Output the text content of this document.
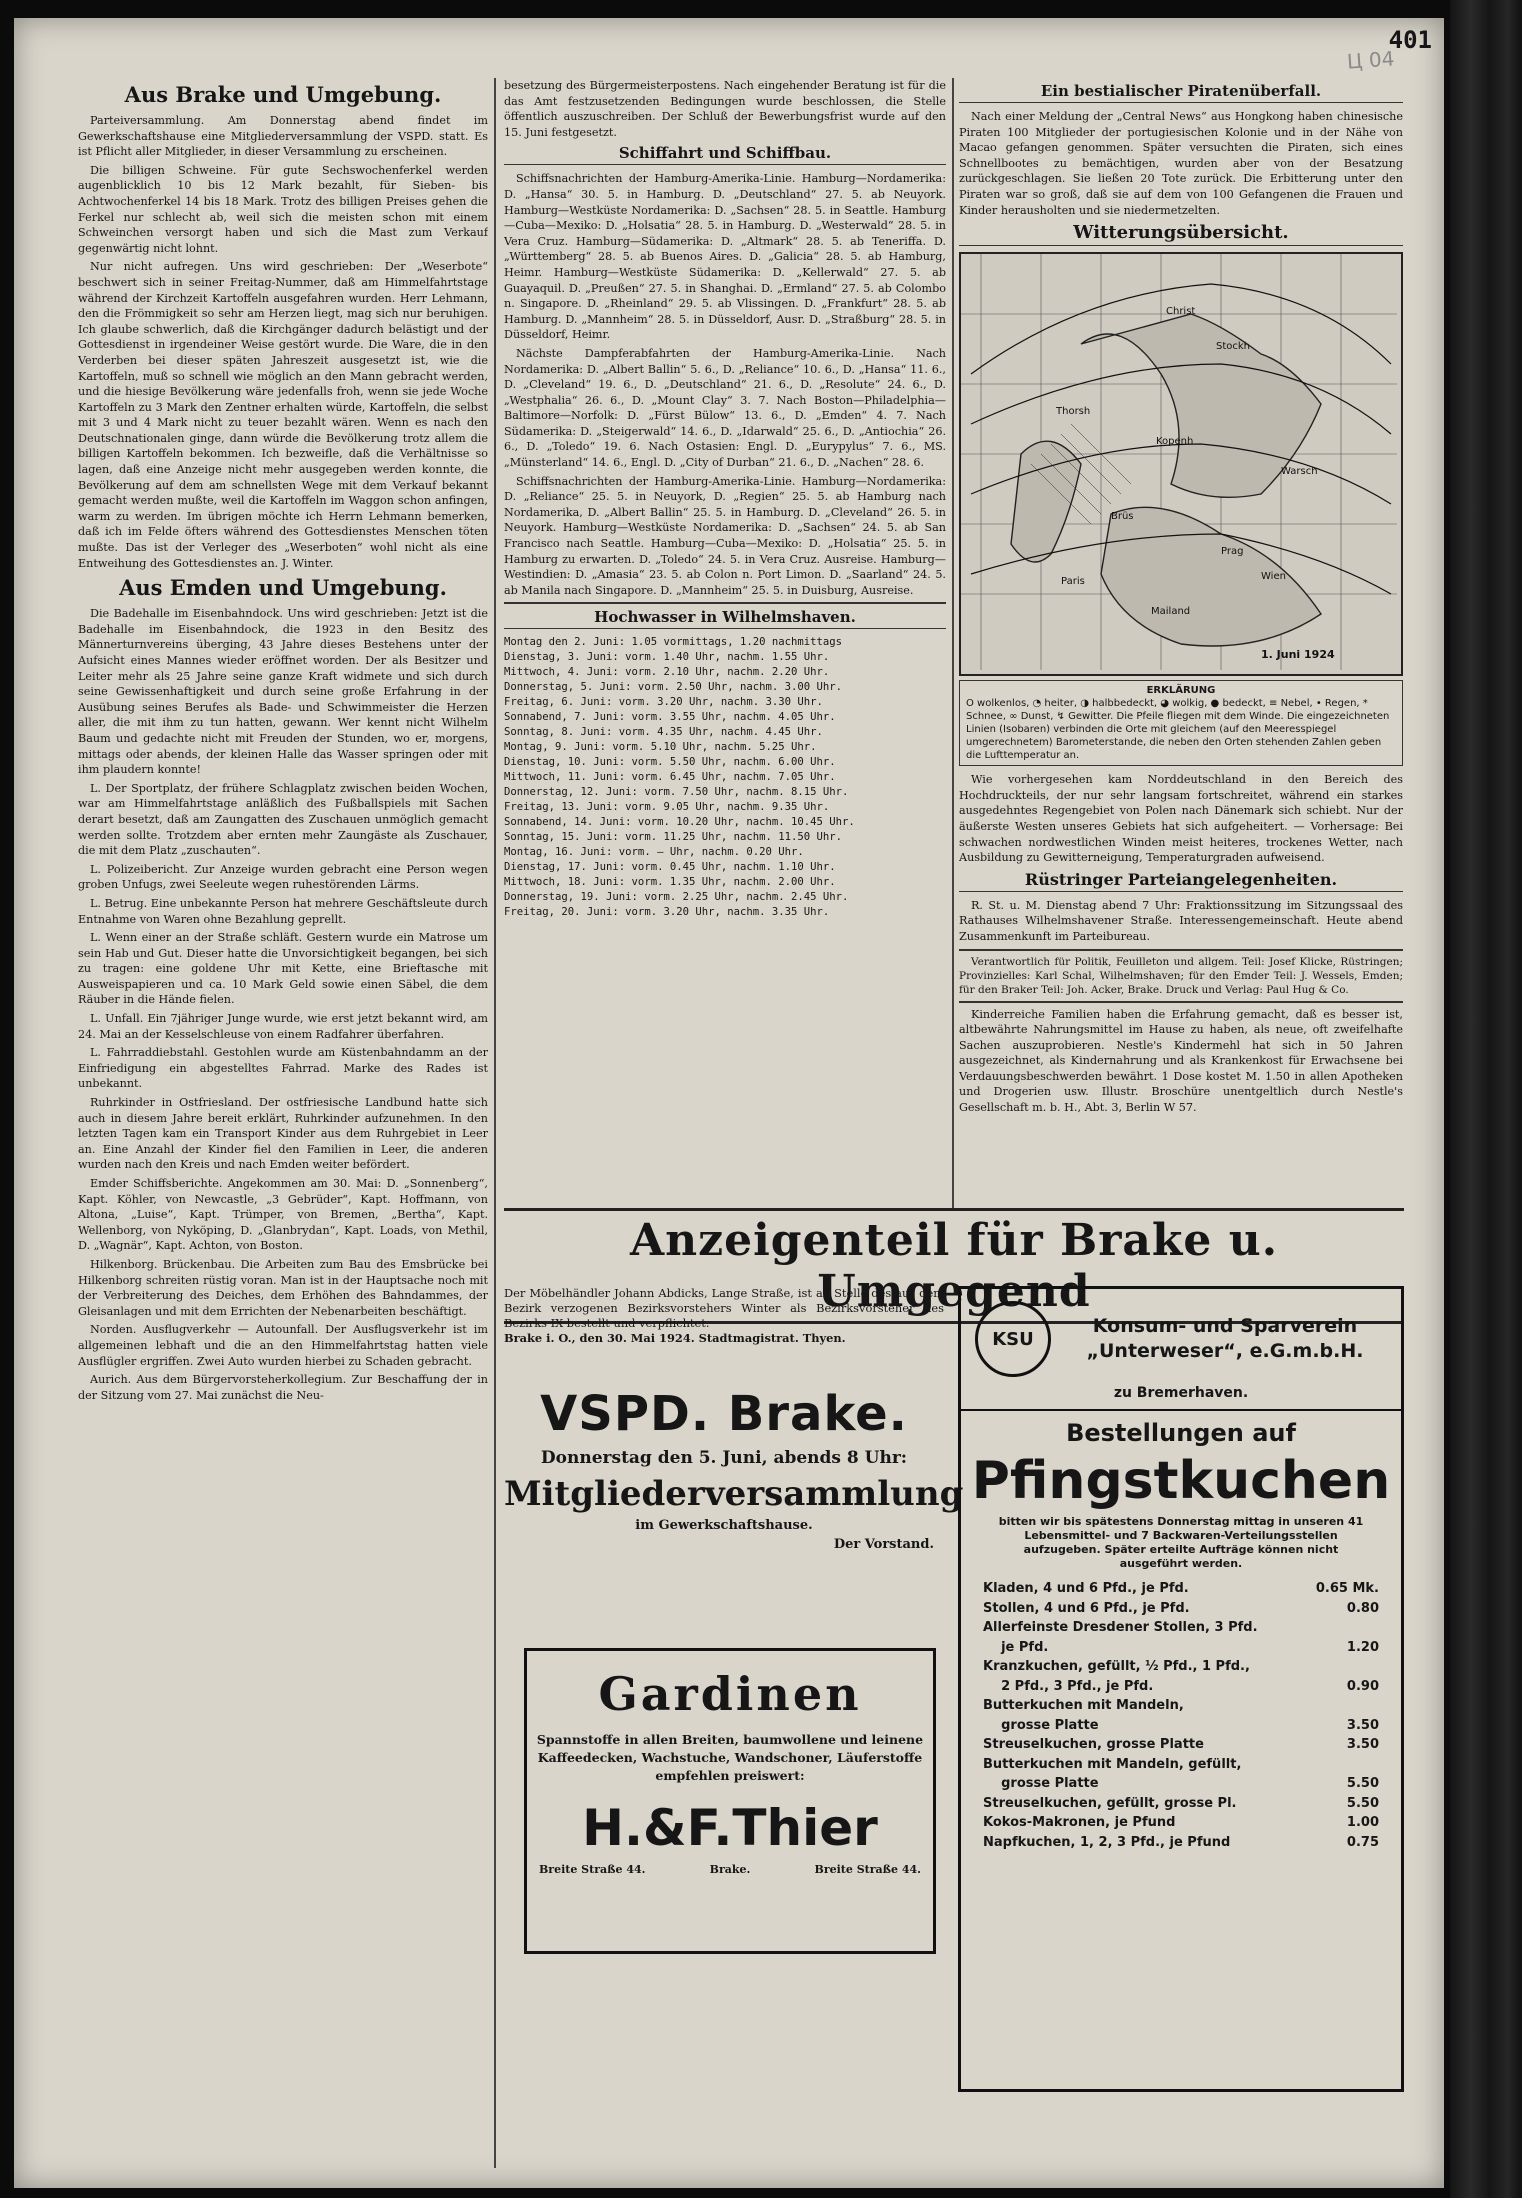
401
Ц 04
Aus Brake und Umgebung.

Parteiversammlung. Am Donnerstag abend findet im Gewerkschaftshause eine Mitgliederversammlung der VSPD. statt. Es ist Pflicht aller Mitglieder, in dieser Versammlung zu erscheinen.

Die billigen Schweine. Für gute Sechswochenferkel werden augenblicklich 10 bis 12 Mark bezahlt, für Sieben- bis Achtwochenferkel 14 bis 18 Mark. Trotz des billigen Preises gehen die Ferkel nur schlecht ab, weil sich die meisten schon mit einem Schweinchen versorgt haben und sich die Mast zum Verkauf gegenwärtig nicht lohnt.

Nur nicht aufregen. Uns wird geschrieben: Der „Weserbote“ beschwert sich in seiner Freitag-Nummer, daß am Himmelfahrtstage während der Kirchzeit Kartoffeln ausgefahren wurden. Herr Lehmann, den die Frömmigkeit so sehr am Herzen liegt, mag sich nur beruhigen. Ich glaube schwerlich, daß die Kirchgänger dadurch belästigt und der Gottesdienst in irgendeiner Weise gestört wurde. Die Ware, die in den Verderben bei dieser späten Jahreszeit ausgesetzt ist, wie die Kartoffeln, muß so schnell wie möglich an den Mann gebracht werden, und die hiesige Bevölkerung wäre jedenfalls froh, wenn sie jede Woche Kartoffeln zu 3 Mark den Zentner erhalten würde, Kartoffeln, die selbst mit 3 und 4 Mark nicht zu teuer bezahlt wären. Wenn es nach den Deutschnationalen ginge, dann würde die Bevölkerung trotz allem die billigen Kartoffeln bekommen. Ich bezweifle, daß die Verhältnisse so lagen, daß eine Anzeige nicht mehr ausgegeben werden konnte, die Bevölkerung auf dem am schnellsten Wege mit dem Verkauf bekannt gemacht werden mußte, weil die Kartoffeln im Waggon schon anfingen, warm zu werden. Im übrigen möchte ich Herrn Lehmann bemerken, daß ich im Felde öfters während des Gottesdienstes Menschen töten mußte. Das ist der Verleger des „Weserboten“ wohl nicht als eine Entweihung des Gottesdienstes an. J. Winter.

Aus Emden und Umgebung.

Die Badehalle im Eisenbahndock. Uns wird geschrieben: Jetzt ist die Badehalle im Eisenbahndock, die 1923 in den Besitz des Männerturnvereins überging, 43 Jahre dieses Bestehens unter der Aufsicht eines Mannes wieder eröffnet worden. Der als Besitzer und Leiter mehr als 25 Jahre seine ganze Kraft widmete und sich durch seine Gewissenhaftigkeit und durch seine große Erfahrung in der Ausübung seines Berufes als Bade- und Schwimmeister die Herzen aller, die mit ihm zu tun hatten, gewann. Wer kennt nicht Wilhelm Baum und gedachte nicht mit Freuden der Stunden, wo er, morgens, mittags oder abends, der kleinen Halle das Wasser springen oder mit ihm plaudern konnte!

L. Der Sportplatz, der frühere Schlagplatz zwischen beiden Wochen, war am Himmelfahrtstage anläßlich des Fußballspiels mit Sachen derart besetzt, daß am Zaungatten des Zuschauen unmöglich gemacht werden sollte. Trotzdem aber ernten mehr Zaungäste als Zuschauer, die mit dem Platz „zuschauten“.

L. Polizeibericht. Zur Anzeige wurden gebracht eine Person wegen groben Unfugs, zwei Seeleute wegen ruhestörenden Lärms.

L. Betrug. Eine unbekannte Person hat mehrere Geschäftsleute durch Entnahme von Waren ohne Bezahlung geprellt.

L. Wenn einer an der Straße schläft. Gestern wurde ein Matrose um sein Hab und Gut. Dieser hatte die Unvorsichtigkeit begangen, bei sich zu tragen: eine goldene Uhr mit Kette, eine Brieftasche mit Ausweispapieren und ca. 10 Mark Geld sowie einen Säbel, die dem Räuber in die Hände fielen.

L. Unfall. Ein 7jähriger Junge wurde, wie erst jetzt bekannt wird, am 24. Mai an der Kesselschleuse von einem Radfahrer überfahren.

L. Fahrraddiebstahl. Gestohlen wurde am Küstenbahndamm an der Einfriedigung ein abgestelltes Fahrrad. Marke des Rades ist unbekannt.

Ruhrkinder in Ostfriesland. Der ostfriesische Landbund hatte sich auch in diesem Jahre bereit erklärt, Ruhrkinder aufzunehmen. In den letzten Tagen kam ein Transport Kinder aus dem Ruhrgebiet in Leer an. Eine Anzahl der Kinder fiel den Familien in Leer, die anderen wurden nach den Kreis und nach Emden weiter befördert.

Emder Schiffsberichte. Angekommen am 30. Mai: D. „Sonnenberg“, Kapt. Köhler, von Newcastle, „3 Gebrüder“, Kapt. Hoffmann, von Altona, „Luise“, Kapt. Trümper, von Bremen, „Bertha“, Kapt. Wellenborg, von Nyköping, D. „Glanbrydan“, Kapt. Loads, von Methil, D. „Wagnär“, Kapt. Achton, von Boston.

Hilkenborg. Brückenbau. Die Arbeiten zum Bau des Emsbrücke bei Hilkenborg schreiten rüstig voran. Man ist in der Hauptsache noch mit der Verbreiterung des Deiches, dem Erhöhen des Bahndammes, der Gleisanlagen und mit dem Errichten der Nebenarbeiten beschäftigt.

Norden. Ausflugverkehr — Autounfall. Der Ausflugsverkehr ist im allgemeinen lebhaft und die an den Himmelfahrtstag hatten viele Ausflügler ergriffen. Zwei Auto wurden hierbei zu Schaden gebracht.

Aurich. Aus dem Bürgervorsteherkollegium. Zur Beschaffung der in der Sitzung vom 27. Mai zunächst die Neu-

besetzung des Bürgermeisterpostens. Nach eingehender Beratung ist für die das Amt festzusetzenden Bedingungen wurde beschlossen, die Stelle öffentlich auszuschreiben. Der Schluß der Bewerbungsfrist wurde auf den 15. Juni festgesetzt.

Schiffahrt und Schiffbau.

Schiffsnachrichten der Hamburg-Amerika-Linie. Hamburg—Nordamerika: D. „Hansa“ 30. 5. in Hamburg. D. „Deutschland“ 27. 5. ab Neuyork. Hamburg—Westküste Nordamerika: D. „Sachsen“ 28. 5. in Seattle. Hamburg—Cuba—Mexiko: D. „Holsatia“ 28. 5. in Hamburg. D. „Westerwald“ 28. 5. in Vera Cruz. Hamburg—Südamerika: D. „Altmark“ 28. 5. ab Teneriffa. D. „Württemberg“ 28. 5. ab Buenos Aires. D. „Galicia“ 28. 5. ab Hamburg, Heimr. Hamburg—Westküste Südamerika: D. „Kellerwald“ 27. 5. ab Guayaquil. D. „Preußen“ 27. 5. in Shanghai. D. „Ermland“ 27. 5. ab Colombo n. Singapore. D. „Rheinland“ 29. 5. ab Vlissingen. D. „Frankfurt“ 28. 5. ab Hamburg. D. „Mannheim“ 28. 5. in Düsseldorf, Ausr. D. „Straßburg“ 28. 5. in Düsseldorf, Heimr.

Nächste Dampferabfahrten der Hamburg-Amerika-Linie. Nach Nordamerika: D. „Albert Ballin“ 5. 6., D. „Reliance“ 10. 6., D. „Hansa“ 11. 6., D. „Cleveland“ 19. 6., D. „Deutschland“ 21. 6., D. „Resolute“ 24. 6., D. „Westphalia“ 26. 6., D. „Mount Clay“ 3. 7. Nach Boston—Philadelphia—Baltimore—Norfolk: D. „Fürst Bülow“ 13. 6., D. „Emden“ 4. 7. Nach Südamerika: D. „Steigerwald“ 14. 6., D. „Idarwald“ 25. 6., D. „Antiochia“ 26. 6., D. „Toledo“ 19. 6. Nach Ostasien: Engl. D. „Eurypylus“ 7. 6., MS. „Münsterland“ 14. 6., Engl. D. „City of Durban“ 21. 6., D. „Nachen“ 28. 6.

Schiffsnachrichten der Hamburg-Amerika-Linie. Hamburg—Nordamerika: D. „Reliance“ 25. 5. in Neuyork, D. „Regien“ 25. 5. ab Hamburg nach Nordamerika, D. „Albert Ballin“ 25. 5. in Hamburg. D. „Cleveland“ 26. 5. in Neuyork. Hamburg—Westküste Nordamerika: D. „Sachsen“ 24. 5. ab San Francisco nach Seattle. Hamburg—Cuba—Mexiko: D. „Holsatia“ 25. 5. in Hamburg zu erwarten. D. „Toledo“ 24. 5. in Vera Cruz. Ausreise. Hamburg—Westindien: D. „Amasia“ 23. 5. ab Colon n. Port Limon. D. „Saarland“ 24. 5. ab Manila nach Singapore. D. „Mannheim“ 25. 5. in Duisburg, Ausreise.

Hochwasser in Wilhelmshaven.

Montag den 2. Juni: 1.05 vormittags, 1.20 nachmittags

Dienstag, 3. Juni: vorm. 1.40 Uhr, nachm. 1.55 Uhr.

Mittwoch, 4. Juni: vorm. 2.10 Uhr, nachm. 2.20 Uhr.

Donnerstag, 5. Juni: vorm. 2.50 Uhr, nachm. 3.00 Uhr.

Freitag, 6. Juni: vorm. 3.20 Uhr, nachm. 3.30 Uhr.

Sonnabend, 7. Juni: vorm. 3.55 Uhr, nachm. 4.05 Uhr.

Sonntag, 8. Juni: vorm. 4.35 Uhr, nachm. 4.45 Uhr.

Montag, 9. Juni: vorm. 5.10 Uhr, nachm. 5.25 Uhr.

Dienstag, 10. Juni: vorm. 5.50 Uhr, nachm. 6.00 Uhr.

Mittwoch, 11. Juni: vorm. 6.45 Uhr, nachm. 7.05 Uhr.

Donnerstag, 12. Juni: vorm. 7.50 Uhr, nachm. 8.15 Uhr.

Freitag, 13. Juni: vorm. 9.05 Uhr, nachm. 9.35 Uhr.

Sonnabend, 14. Juni: vorm. 10.20 Uhr, nachm. 10.45 Uhr.

Sonntag, 15. Juni: vorm. 11.25 Uhr, nachm. 11.50 Uhr.

Montag, 16. Juni: vorm. — Uhr, nachm. 0.20 Uhr.

Dienstag, 17. Juni: vorm. 0.45 Uhr, nachm. 1.10 Uhr.

Mittwoch, 18. Juni: vorm. 1.35 Uhr, nachm. 2.00 Uhr.

Donnerstag, 19. Juni: vorm. 2.25 Uhr, nachm. 2.45 Uhr.

Freitag, 20. Juni: vorm. 3.20 Uhr, nachm. 3.35 Uhr.

Ein bestialischer Piratenüberfall.

Nach einer Meldung der „Central News“ aus Hongkong haben chinesische Piraten 100 Mitglieder der portugiesischen Kolonie und in der Nähe von Macao gefangen genommen. Später versuchten die Piraten, sich eines Schnellbootes zu bemächtigen, wurden aber von der Besatzung zurückgeschlagen. Sie ließen 20 Tote zurück. Die Erbitterung unter den Piraten war so groß, daß sie auf dem von 100 Gefangenen die Frauen und Kinder herausholten und sie niedermetzelten.

Witterungsübersicht.
Thorsh
Kopenh
Stockh
Christ
Prag
Wien
Paris
Brüs
Mailand
Warsch
1. Juni 1924
ERKLÄRUNG
O wolkenlos, ◔ heiter, ◑ halbbedeckt, ◕ wolkig, ● bedeckt, ≡ Nebel, • Regen, * Schnee, ∞ Dunst, ↯ Gewitter. Die Pfeile fliegen mit dem Winde. Die eingezeichneten Linien (Isobaren) verbinden die Orte mit gleichem (auf den Meeresspiegel umgerechnetem) Barometerstande, die neben den Orten stehenden Zahlen geben die Lufttemperatur an.

Wie vorhergesehen kam Norddeutschland in den Bereich des Hochdruckteils, der nur sehr langsam fortschreitet, während ein starkes ausgedehntes Regengebiet von Polen nach Dänemark sich schiebt. Nur der äußerste Westen unseres Gebiets hat sich aufgeheitert. — Vorhersage: Bei schwachen nordwestlichen Winden meist heiteres, trockenes Wetter, nach Ausbildung zu Gewitterneigung, Temperaturgraden aufweisend.

Rüstringer Parteiangelegenheiten.

R. St. u. M. Dienstag abend 7 Uhr: Fraktionssitzung im Sitzungssaal des Rathauses Wilhelmshavener Straße. Interessengemeinschaft. Heute abend Zusammenkunft im Parteibureau.

Verantwortlich für Politik, Feuilleton und allgem. Teil: Josef Klicke, Rüstringen; Provinzielles: Karl Schal, Wilhelmshaven; für den Emder Teil: J. Wessels, Emden; für den Braker Teil: Joh. Acker, Brake. Druck und Verlag: Paul Hug & Co.

Kinderreiche Familien haben die Erfahrung gemacht, daß es besser ist, altbewährte Nahrungsmittel im Hause zu haben, als neue, oft zweifelhafte Sachen auszuprobieren. Nestle's Kindermehl hat sich in 50 Jahren ausgezeichnet, als Kindernahrung und als Krankenkost für Erwachsene bei Verdauungsbeschwerden bewährt. 1 Dose kostet M. 1.50 in allen Apotheken und Drogerien usw. Illustr. Broschüre unentgeltlich durch Nestle's Gesellschaft m. b. H., Abt. 3, Berlin W 57.

Anzeigenteil für Brake u. Umgegend

Der Möbelhändler Johann Abdicks, Lange Straße, ist an Stelle des aus dem Bezirk verzogenen Bezirksvorstehers Winter als Bezirksvorsteher des Bezirks IX bestellt und verpflichtet.

Brake i. O., den 30. Mai 1924. Stadtmagistrat. Thyen.

VSPD. Brake.

Donnerstag den 5. Juni, abends 8 Uhr:

Mitgliederversammlung

im Gewerkschaftshause.

Der Vorstand.

Gardinen

Spannstoffe in allen Breiten, baumwollene und leinene Kaffeedecken, Wachstuche, Wandschoner, Läuferstoffe empfehlen preiswert:

H.&F.Thier

Breite Straße 44.	Brake.	Breite Straße 44.
KSU
Konsum- und Sparverein „Unterweser“, e.G.m.b.H.

zu Bremerhaven.

Bestellungen auf

Pfingstkuchen

bitten wir bis spätestens Donnerstag mittag in unseren 41 Lebensmittel- und 7 Backwaren-Verteilungsstellen aufzugeben. Später erteilte Aufträge können nicht ausgeführt werden.

Kladen, 4 und 6 Pfd., je Pfd.	0.65 Mk.
Stollen, 4 und 6 Pfd., je Pfd.	0.80
Allerfeinste Dresdener Stollen, 3 Pfd.
je Pfd.	1.20
Kranzkuchen, gefüllt, ½ Pfd., 1 Pfd.,
2 Pfd., 3 Pfd., je Pfd.	0.90
Butterkuchen mit Mandeln,
grosse Platte	3.50
Streuselkuchen, grosse Platte	3.50
Butterkuchen mit Mandeln, gefüllt,
grosse Platte	5.50
Streuselkuchen, gefüllt, grosse Pl.	5.50
Kokos-Makronen, je Pfund	1.00
Napfkuchen, 1, 2, 3 Pfd., je Pfund	0.75
